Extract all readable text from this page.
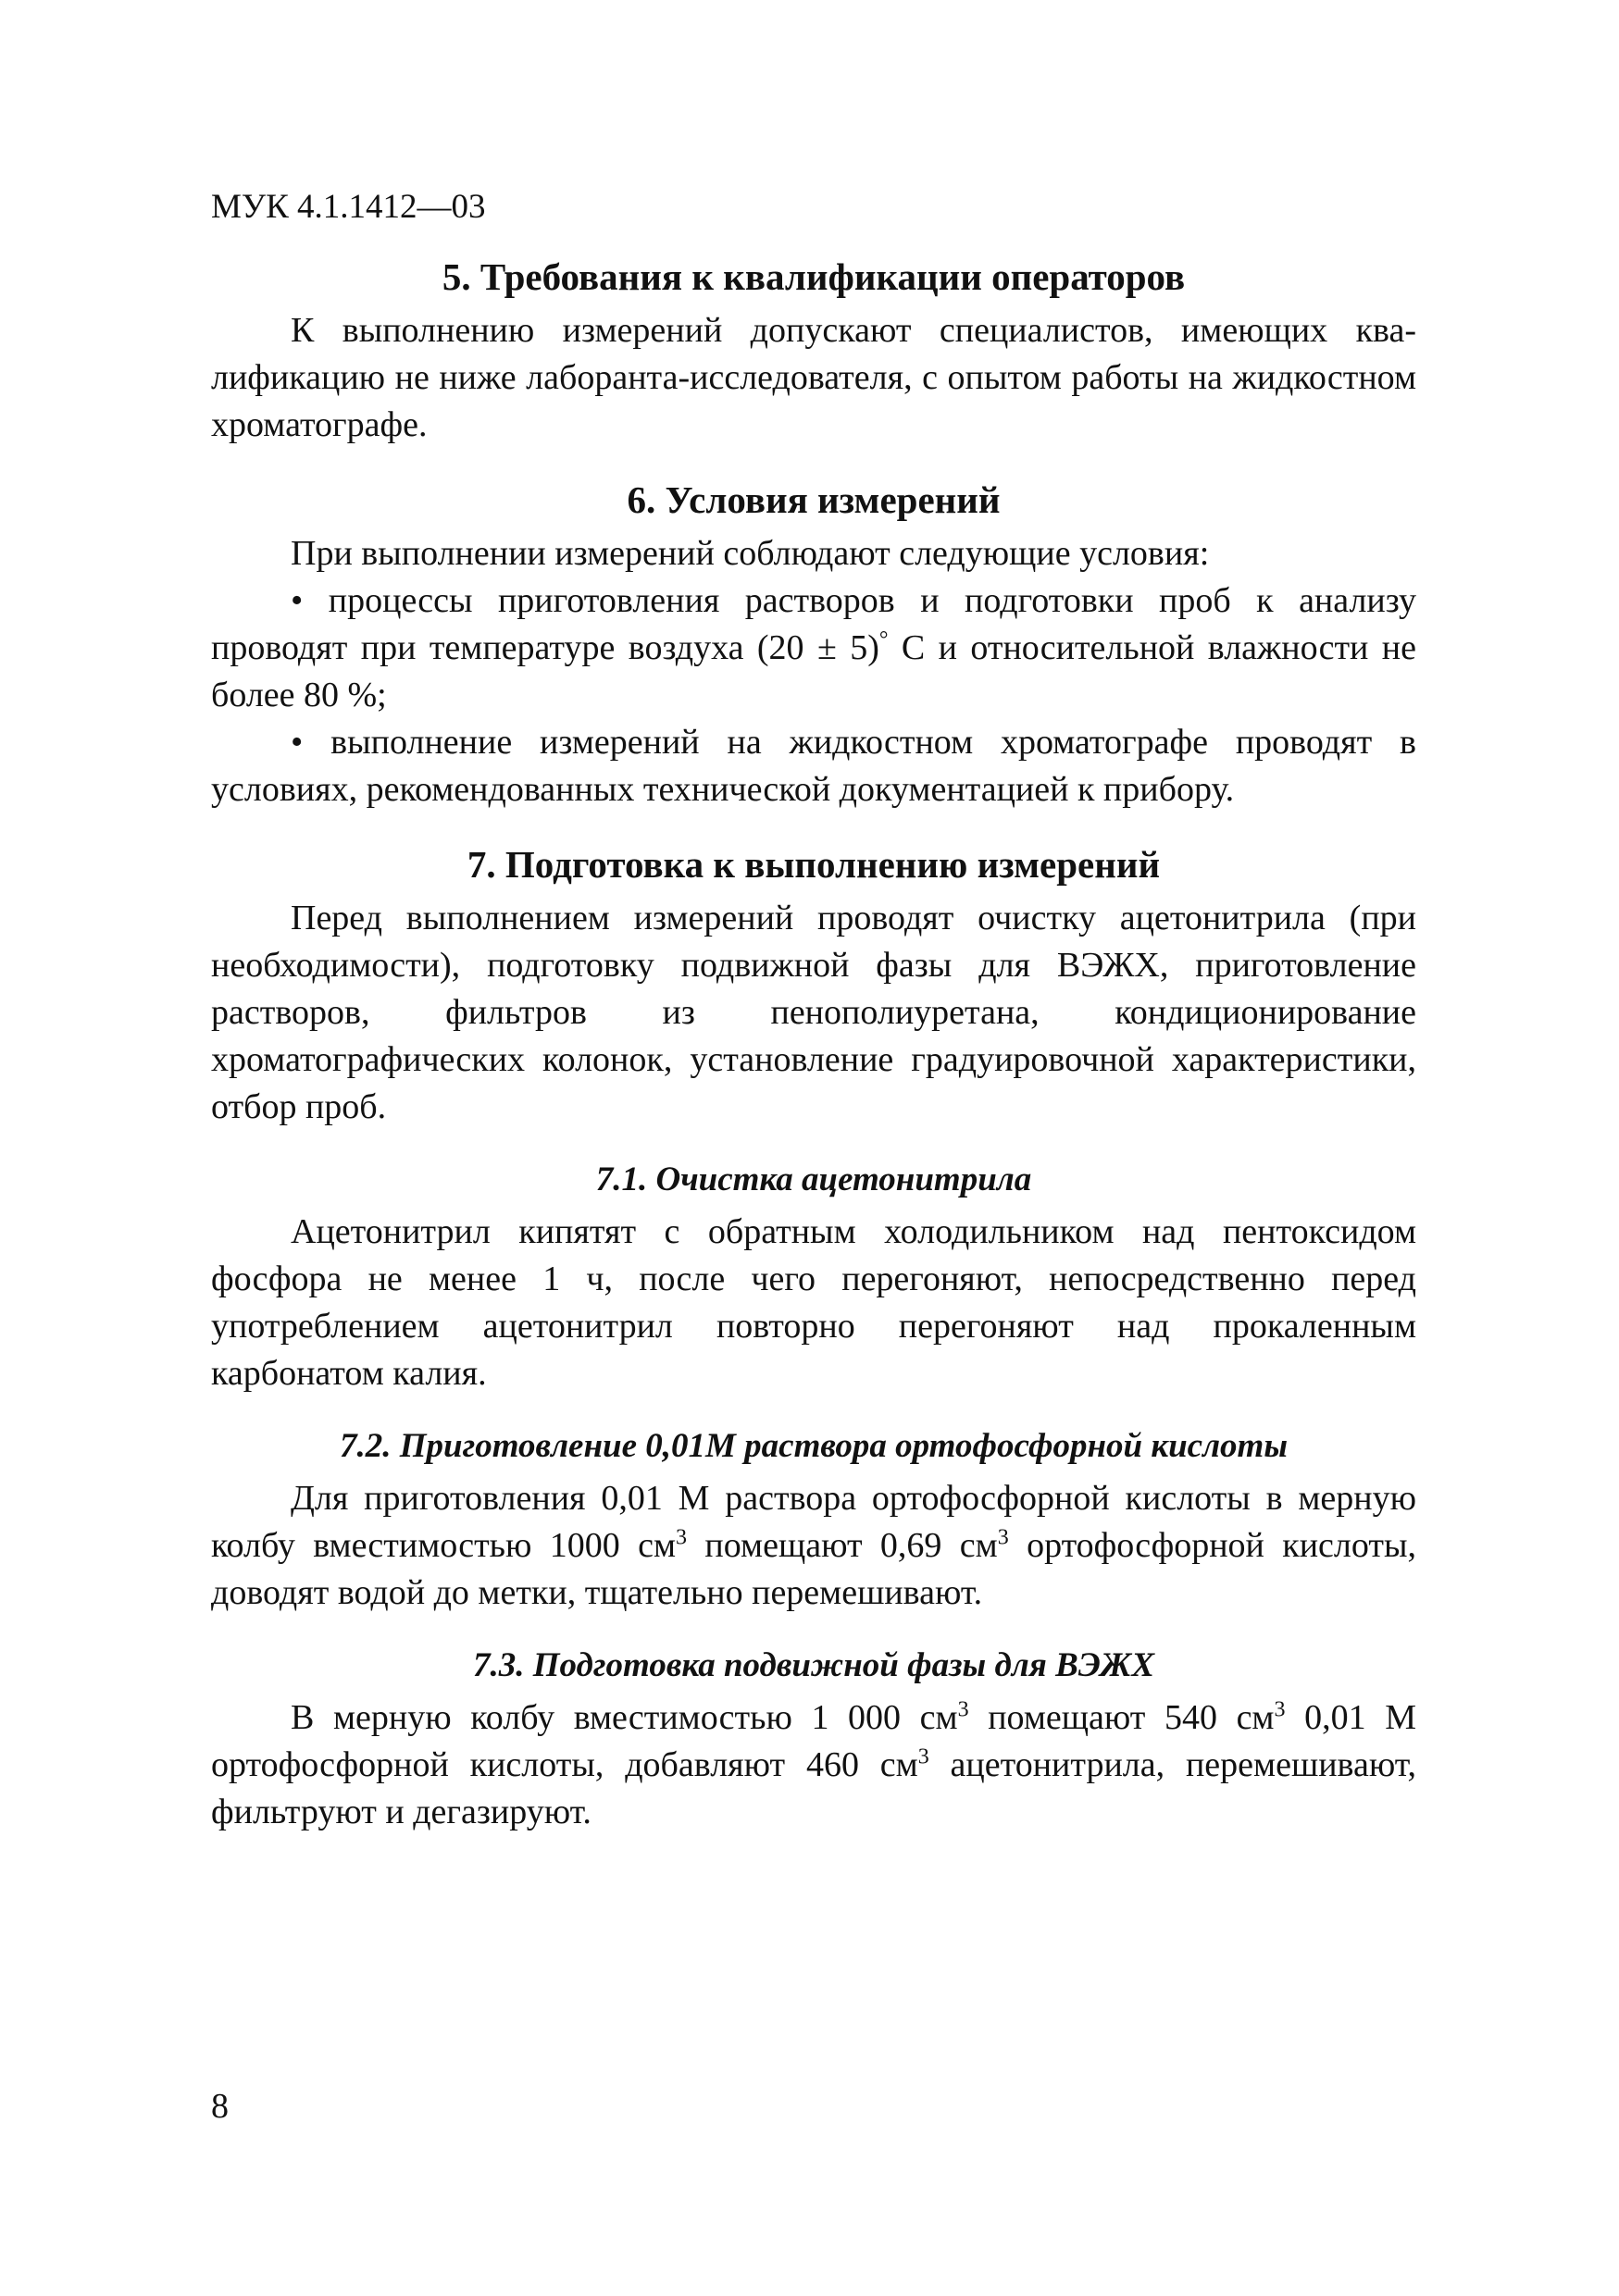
МУК 4.1.1412—03
5. Требования к квалификации операторов

К выполнению измерений допускают специалистов, имеющих квалификацию не ниже лаборанта-исследователя, с опытом работы на жидкостном хроматографе.

6. Условия измерений

При выполнении измерений соблюдают следующие условия:

• процессы приготовления растворов и подготовки проб к анализу проводят при температуре воздуха (20 ± 5)° С и относительной влажности не более 80 %;

• выполнение измерений на жидкостном хроматографе проводят в условиях, рекомендованных технической документацией к прибору.

7. Подготовка к выполнению измерений

Перед выполнением измерений проводят очистку ацетонитрила (при необходимости), подготовку подвижной фазы для ВЭЖХ, приготовление растворов, фильтров из пенополиуретана, кондиционирование хроматографических колонок, установление градуировочной характеристики, отбор проб.

7.1. Очистка ацетонитрила

Ацетонитрил кипятят с обратным холодильником над пентоксидом фосфора не менее 1 ч, после чего перегоняют, непосредственно перед употреблением ацетонитрил повторно перегоняют над прокаленным карбонатом калия.

7.2. Приготовление 0,01М раствора ортофосфорной кислоты

Для приготовления 0,01 М раствора ортофосфорной кислоты в мерную колбу вместимостью 1000 $см^3$ помещают 0,69 $см^3$ ортофосфорной кислоты, доводят водой до метки, тщательно перемешивают.

7.3. Подготовка подвижной фазы для ВЭЖХ

В мерную колбу вместимостью 1 000 $см^3$ помещают 540 $см^3$ 0,01 М ортофосфорной кислоты, добавляют 460 $см^3$ ацетонитрила, перемешивают, фильтруют и дегазируют.

8
